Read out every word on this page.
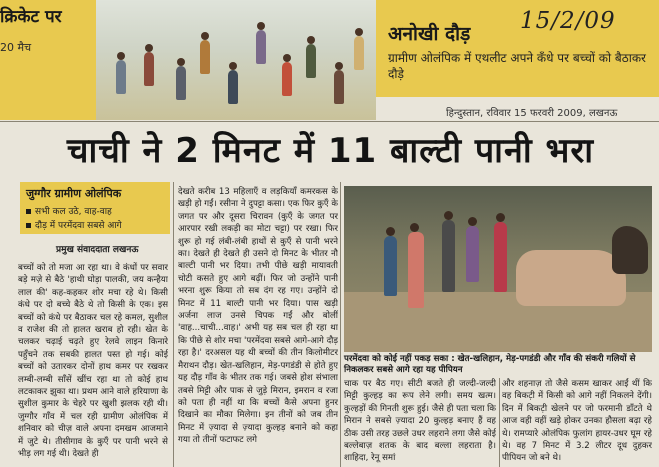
क्रिकेट पर
20 मैच
अनोखी दौड़ 15/2/09
ग्रामीण ओलंपिक में एथलीट अपने कँधे पर बच्चों को बैठाकर दौड़े
हिन्दुस्तान, रविवार 15 फरवरी 2009, लखनऊ
चाची ने 2 मिनट में 11 बाल्टी पानी भरा
जुग्गौर ग्रामीण ओलंपिक
सभी कल उठे, वाह-वाह
दौड़ में परमेंदवा सबसे आगे
प्रमुख संवाददाता लखनऊ
बच्चों को तो मजा आ रहा था। वे कंधों पर सवार बड़े मज़े से बैठे 'हाथी घोड़ा पालकी, जय कन्हैया लाल की' कह-कहकर शोर मचा रहे थे। किसी कंधे पर दो बच्चे बैठे थे तो किसी के एक। इस बच्चों को कंधे पर बैठाकर चल रहे कमल, सुशील व राजेश की तो हालत खराब हो रही। खेत के चलकर चढ़ाई चढ़ते हुए रेलवे लाइन किनारे पहुँचने तक सबकी हालत पस्त हो गई। कोई बच्चों को उतारकर दोनों हाथ कमर पर रखकर लम्बी-लम्बी साँसें खींच रहा था तो कोई हाथ लटकाकर झुका था। प्रथम आने वाले हरियाणा के सुशील कुमार के चेहरे पर खुशी झलक रही थी। जुग्गौर गाँव में चल रही ग्रामीण ओलंपिक में शनिवार को चीज़ वाले अपना दमखम आजमाने में जुटे थे। तीसीगाव के कुएँ पर पानी भरने से भीड़ लग गई थी। देखते ही
देखते करीब 13 महिलाएँ व लड़कियाँ कमरकस के खड़ी हो गईं। रसीना ने दुपट्टा कसा। एक फिर कुएँ के जगत पर और दूसरा चिरावन (कुएँ के जगत पर आरपार रखी लकड़ी का मोटा चट्टा) पर रखा। फिर शुरू हो गई लंबी-लंबी हाथों से कुएँ से पानी भरने का। देखते ही देखते ही उसने दो मिनट के भीतर नौ बाल्टी पानी भर दिया। तभी पीछे खड़ी मायावती चोटी कसते हुए आगे बढ़ीं। फिर जो उन्होंने पानी भरना शुरू किया तो सब दंग रह गए। उन्होंने दो मिनट में 11 बाल्टी पानी भर दिया। पास खड़ी अर्जना लाज उनसे चिपक गईं और बोलीं 'वाह...चाची...वाह।' अभी यह सब चल ही रहा था कि पीछे से शोर मचा 'परमेंदवा सबसे आगे-आगे दौड़ रहा है।' दरअसल यह थी बच्चों की तीन किलोमीटर मैराथन दौड़। खेत-खलिहान, मेड़-पगडंडी से होते हुए यह दौड़ गाँव के भीतर तक गई। जबसे होश संभाला तबसे मिट्टी और पाक से जुड़े मिरान, इमरान व रजा को पता ही नहीं था कि बच्चों कैसे अपना हुनर दिखाने का मौका मिलेगा। इन तीनों को जब तीन मिनट में ज़्यादा से ज़्यादा कुल्हड़ बनाने को कहा गया तो तीनों फटाफट लगे
परमेंदवा को कोई नहीं पकड़ सका : खेत-खलिहान, मेड़-पगडंडी और गाँव की संकरी गलियों से निकलकर सबसे आगे रहा यह पीपियन
चाक पर बैठ गए। सीटी बजते ही जल्दी-जल्दी मिट्टी कुल्हड़ का रूप लेने लगी। समय खत्म। कुल्हड़ों की गिनती शुरू हुई। जैसे ही पता चला कि मिरान ने सबसे ज़्यादा 20 कुल्हड़ बनाए हैं वह ठीक उसी तरह उछले उधर लहराने लगा जैसे कोई बल्लेबाज़ शतक के बाद बल्ला लहराता है। शाहिदा, रेनू समां
और शहनाज़ तो जैसे कसम खाकर आईं थीं कि वह बिकट़ी में किसी को आगे नहीं निकलने देंगी। दिन में बिकट़ी खेलने पर जो फरमानी डाँटते थे आज वही वहीं खड़े होकर उनका हौसला बढ़ा रहे थे। रामप्यारे ओलंपिक फुलांग हायर-उधर घूम रहे थे। वह 7 मिनट में 3.2 लीटर दूध दुहकर पीपियन जो बने थे।
